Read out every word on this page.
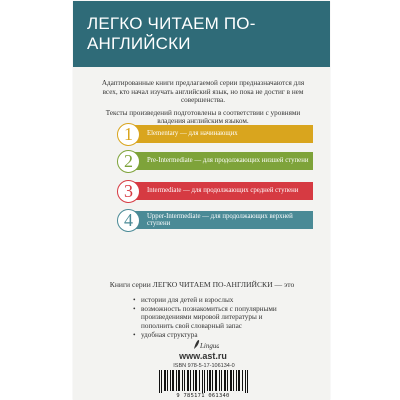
ЛЕГКО ЧИТАЕМ ПО-АНГЛИЙСКИ

Адаптированные книги предлагаемой серии предназначаются для всех, кто начал изучать английский язык, но пока не достиг в нем совершенства.

Тексты произведений подготовлены в соответствии с уровнями владения английским языком.

Elementary — для начинающих
1
Pre-Intermediate — для продолжающих низшей ступени
2
Intermediate — для продолжающих средней ступени
3
Upper-Intermediate — для продолжающих верхней ступени
4
Книги серии ЛЕГКО ЧИТАЕМ ПО-АНГЛИЙСКИ — это
• истории для детей и взрослых
• возможность познакомиться с популярными произведениями мировой литературы и пополнить свой словарный запас
• удобная структура
Lingua
www.ast.ru
ISBN 978-5-17-106134-0
9 785171 061340
